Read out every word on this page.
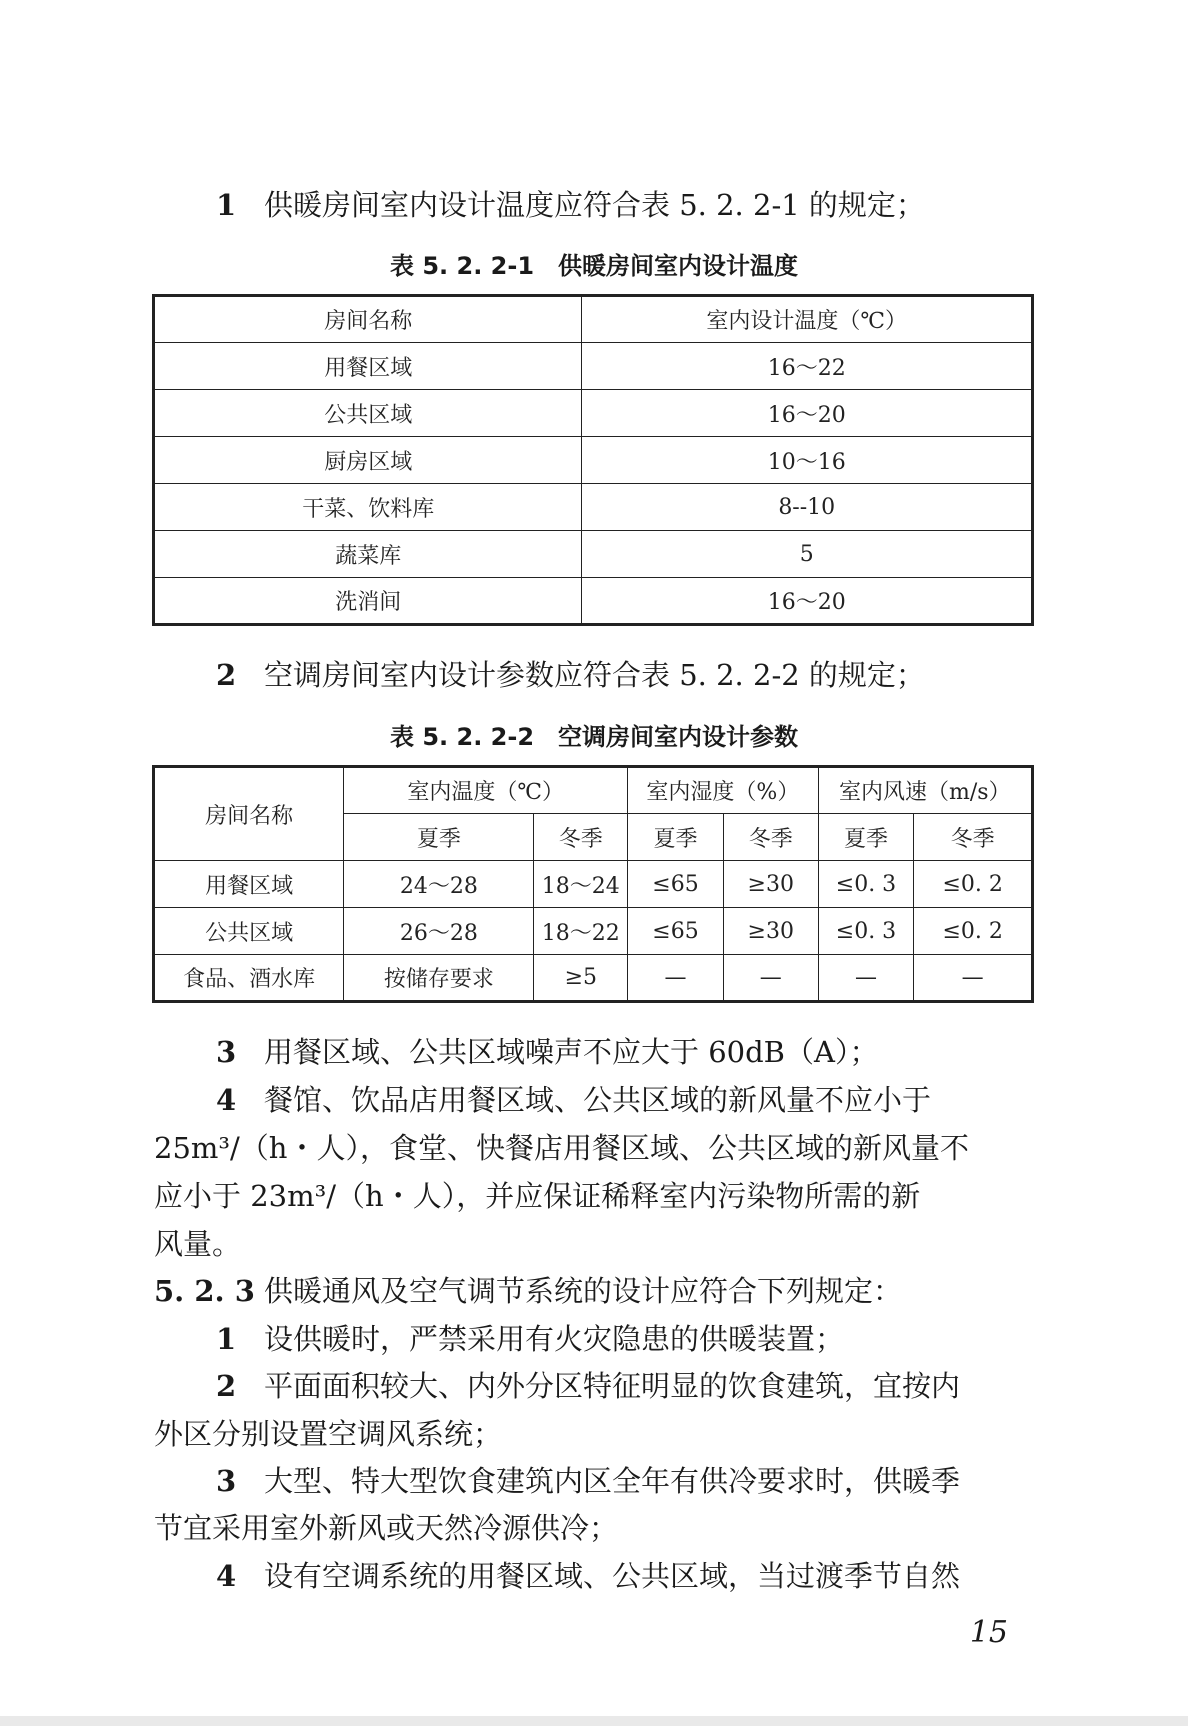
1 供暖房间室内设计温度应符合表 5. 2. 2-1 的规定；
表 5. 2. 2-1　供暖房间室内设计温度
房间名称	室内设计温度（℃）
用餐区域	16～22
公共区域	16～20
厨房区域	10～16
干菜、饮料库	8--10
蔬菜库	5
洗消间	16～20
2 空调房间室内设计参数应符合表 5. 2. 2-2 的规定；
表 5. 2. 2-2　空调房间室内设计参数
房间名称	室内温度（℃）		室内湿度（%）		室内风速（m/s）	
	夏季	冬季	夏季	冬季	夏季	冬季
用餐区域	24～28	18～24	≤65	≥30	≤0. 3	≤0. 2
公共区域	26～28	18～22	≤65	≥30	≤0. 3	≤0. 2
食品、酒水库	按储存要求	≥5	—	—	—	—
3 用餐区域、公共区域噪声不应大于 60dB（A）；
4 餐馆、饮品店用餐区域、公共区域的新风量不应小于
25m³/（h・人），食堂、快餐店用餐区域、公共区域的新风量不
应小于 23m³/（h・人），并应保证稀释室内污染物所需的新
风量。
5. 2. 3 供暖通风及空气调节系统的设计应符合下列规定：
1 设供暖时，严禁采用有火灾隐患的供暖装置；
2 平面面积较大、内外分区特征明显的饮食建筑，宜按内
外区分别设置空调风系统；
3 大型、特大型饮食建筑内区全年有供冷要求时，供暖季
节宜采用室外新风或天然冷源供冷；
4 设有空调系统的用餐区域、公共区域，当过渡季节自然
15
